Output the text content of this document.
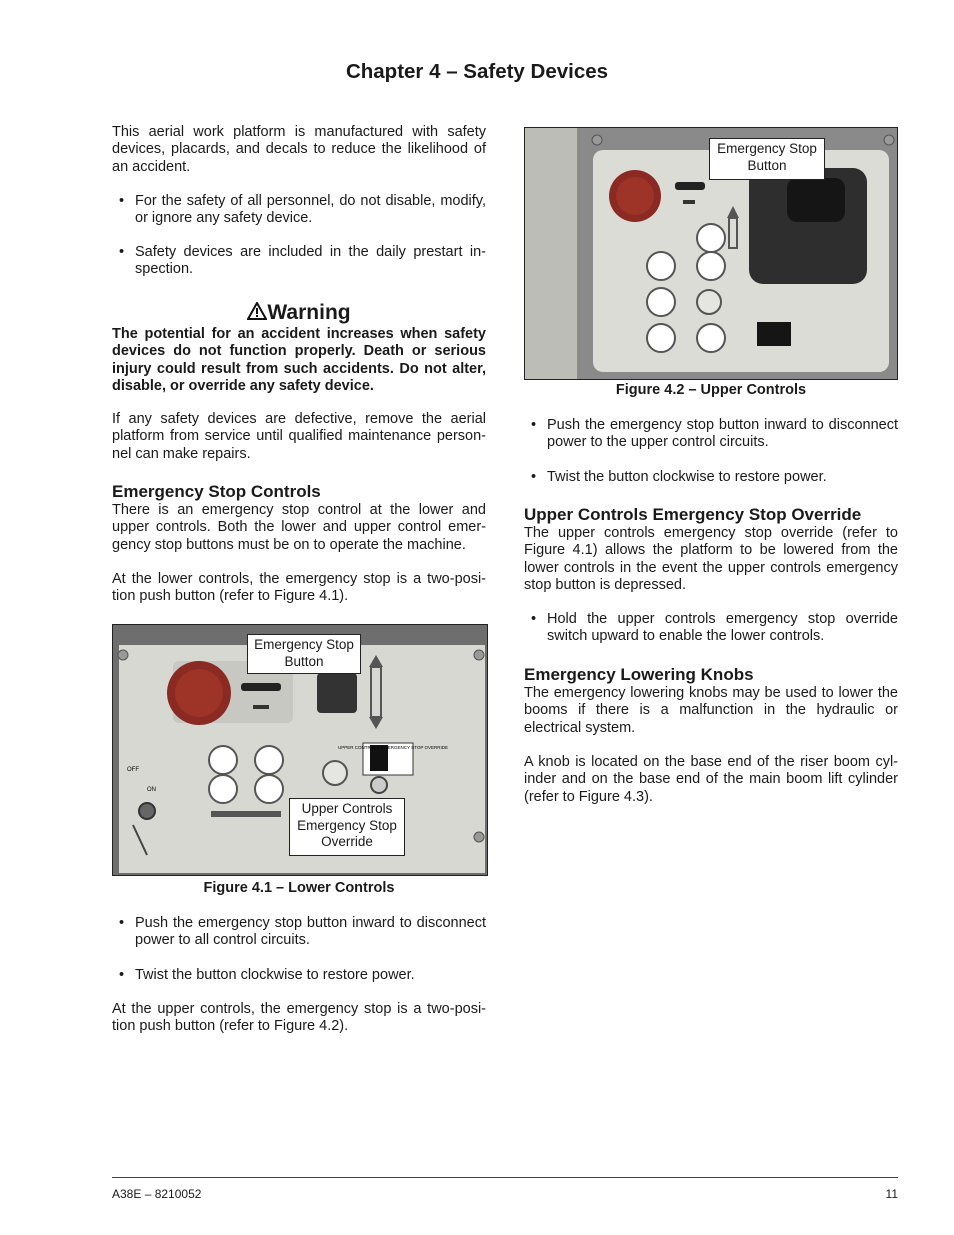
Chapter 4 – Safety Devices

This aerial work platform is manufactured with safety devices, placards, and decals to reduce the likelihood of an accident.

• For the safety of all personnel, do not disable, modify, or ignore any safety device.
• Safety devices are included in the daily prestart in- spection.
Warning

The potential for an accident increases when safety devices do not function properly. Death or serious injury could result from such accidents. Do not alter, disable, or override any safety device.

If any safety devices are defective, remove the aerial platform from service until qualified maintenance person- nel can make repairs.

Emergency Stop Controls

There is an emergency stop control at the lower and upper controls. Both the lower and upper control emer- gency stop buttons must be on to operate the machine.

At the lower controls, the emergency stop is a two-posi- tion push button (refer to Figure 4.1).

UPPER CONTROLS EMERGENCY STOP OVERRIDE
OFF
ON
Emergency Stop Button
Upper Controls Emergency Stop Override
Figure 4.1 – Lower Controls
• Push the emergency stop button inward to disconnect power to all control circuits.
• Twist the button clockwise to restore power.

At the upper controls, the emergency stop is a two-posi- tion push button (refer to Figure 4.2).

Emergency Stop Button
Figure 4.2 – Upper Controls
• Push the emergency stop button inward to disconnect power to the upper control circuits.
• Twist the button clockwise to restore power.
Upper Controls Emergency Stop Override

The upper controls emergency stop override (refer to Figure 4.1) allows the platform to be lowered from the lower controls in the event the upper controls emergency stop button is depressed.

• Hold the upper controls emergency stop override switch upward to enable the lower controls.
Emergency Lowering Knobs

The emergency lowering knobs may be used to lower the booms if there is a malfunction in the hydraulic or electrical system.

A knob is located on the base end of the riser boom cyl- inder and on the base end of the main boom lift cylinder (refer to Figure 4.3).

A38E – 8210052	11
